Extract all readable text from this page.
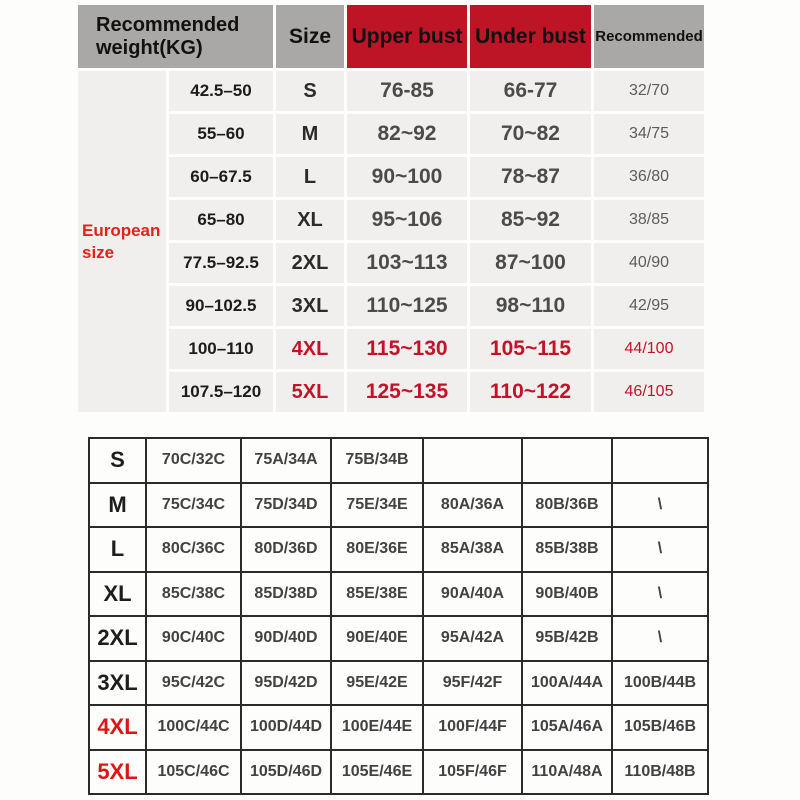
Recommended weight(KG)	Size Upper bust Under bust Recommended
European size
42.5–50	S	76-85	66-77	32/70
55–60	M	82~92	70~82	34/75
60–67.5	L	90~100	78~87	36/80
65–80	XL	95~106	85~92	38/85
77.5–92.5	2XL	103~113	87~100	40/90
90–102.5	3XL	110~125	98~110	42/95
100–110	4XL	115~130	105~115	44/100
107.5–120	5XL	125~135	110~122	46/105
S	70C/32C	75A/34A	75B/34B			
M	75C/34C	75D/34D	75E/34E	80A/36A	80B/36B	\
L	80C/36C	80D/36D	80E/36E	85A/38A	85B/38B	\
XL	85C/38C	85D/38D	85E/38E	90A/40A	90B/40B	\
2XL	90C/40C	90D/40D	90E/40E	95A/42A	95B/42B	\
3XL	95C/42C	95D/42D	95E/42E	95F/42F	100A/44A	100B/44B
4XL	100C/44C	100D/44D	100E/44E	100F/44F	105A/46A	105B/46B
5XL	105C/46C	105D/46D	105E/46E	105F/46F	110A/48A	110B/48B
